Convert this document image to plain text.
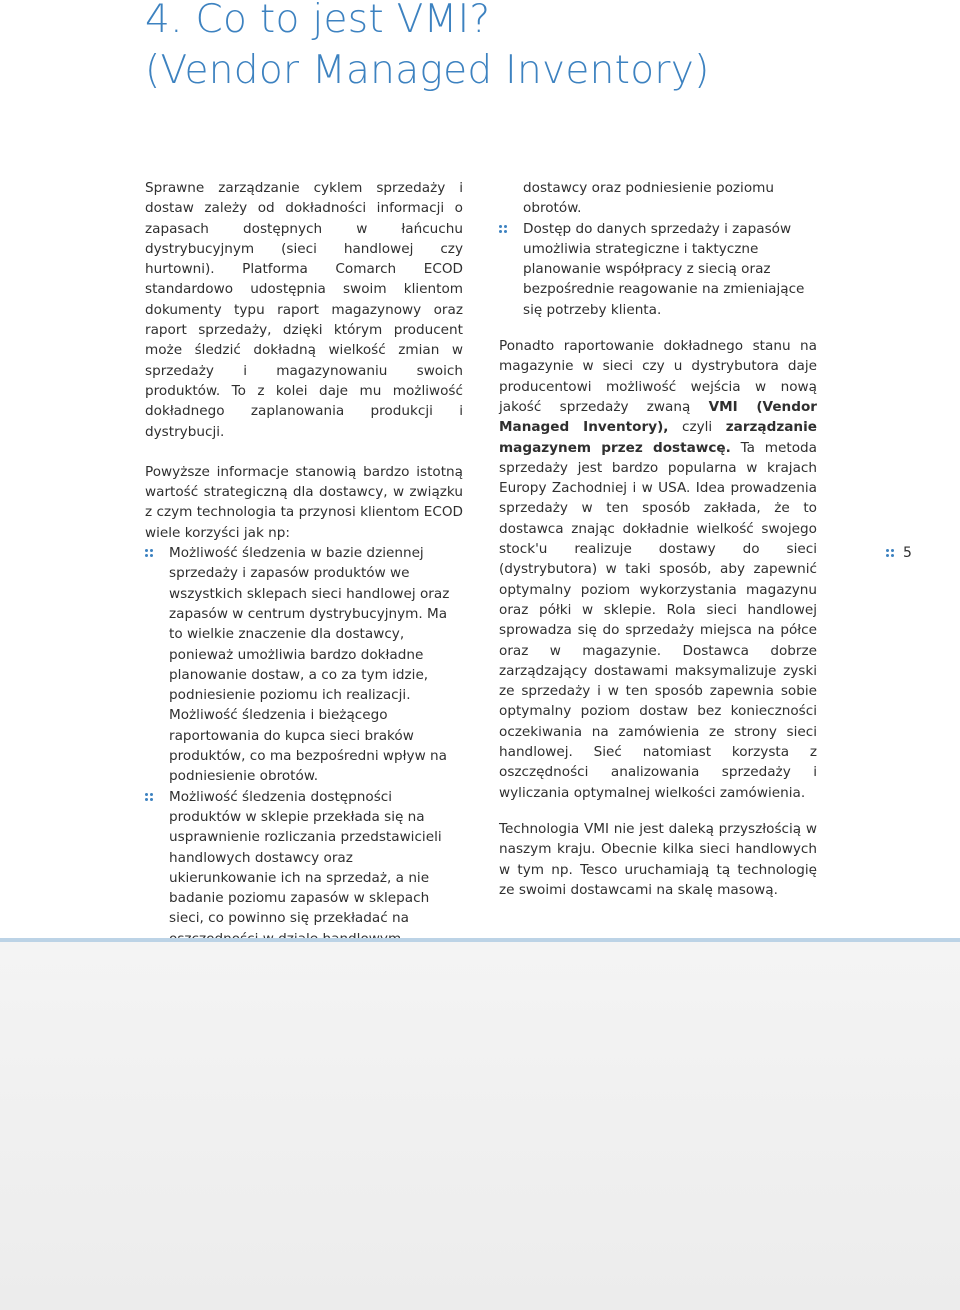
4. Co to jest VMI?
(Vendor Managed Inventory)

Sprawne zarządzanie cyklem sprzedaży i dostaw zależy od dokładności informacji o zapasach dostępnych w łańcuchu dystrybucyjnym (sieci handlowej czy hurtowni). Platforma Comarch ECOD standardowo udostępnia swoim klientom dokumenty typu raport magazynowy oraz raport sprzedaży, dzięki którym producent może śledzić dokładną wielkość zmian w sprzedaży i magazynowaniu swoich produktów. To z kolei daje mu możliwość dokładnego zaplanowania produkcji i dystrybucji.

Powyższe informacje stanowią bardzo istotną wartość strategiczną dla dostawcy, w związku z czym technologia ta przynosi klientom ECOD wiele korzyści jak np:

Możliwość śledzenia w bazie dziennej sprzedaży i zapasów produktów we wszystkich sklepach sieci handlowej oraz zapasów w centrum dystrybucyjnym. Ma to wielkie znaczenie dla dostawcy, ponieważ umożliwia bardzo dokładne planowanie dostaw, a co za tym idzie, podniesienie poziomu ich realizacji. Możliwość śledzenia i bieżącego raportowania do kupca sieci braków produktów, co ma bezpośredni wpływ na podniesienie obrotów.
Możliwość śledzenia dostępności produktów w sklepie przekłada się na usprawnienie rozliczania przedstawicieli handlowych dostawcy oraz ukierunkowanie ich na sprzedaż, a nie badanie poziomu zapasów w sklepach sieci, co powinno się przekładać na
dostawcy oraz podniesienie poziomu obrotów.
Dostęp do danych sprzedaży i zapasów umożliwia strategiczne i taktyczne planowanie współpracy z siecią oraz bezpośrednie reagowanie na zmieniające się potrzeby klienta.

Ponadto raportowanie dokładnego stanu na magazynie w sieci czy u dystrybutora daje producentowi możliwość wejścia w nową jakość sprzedaży zwaną VMI (Vendor Managed Inventory), czyli zarządzanie magazynem przez dostawcę. Ta metoda sprzedaży jest bardzo popularna w krajach Europy Zachodniej i w USA. Idea prowadzenia sprzedaży w ten sposób zakłada, że to dostawca znając dokładnie wielkość swojego stock'u realizuje dostawy do sieci (dystrybutora) w taki sposób, aby zapewnić optymalny poziom wykorzystania magazynu oraz półki w sklepie. Rola sieci handlowej sprowadza się do sprzedaży miejsca na półce oraz w magazynie. Dostawca dobrze zarządzający dostawami maksymalizuje zyski ze sprzedaży i w ten sposób zapewnia sobie optymalny poziom dostaw bez konieczności oczekiwania na zamówienia ze strony sieci handlowej. Sieć natomiast korzysta z oszczędności analizowania sprzedaży i wyliczania optymalnej wielkości zamówienia.

Technologia VMI nie jest daleką przyszłością w naszym kraju. Obecnie kilka sieci handlowych w tym np. Tesco uruchamiają tą technologię ze swoimi dostawcami na skalę masową.

5
